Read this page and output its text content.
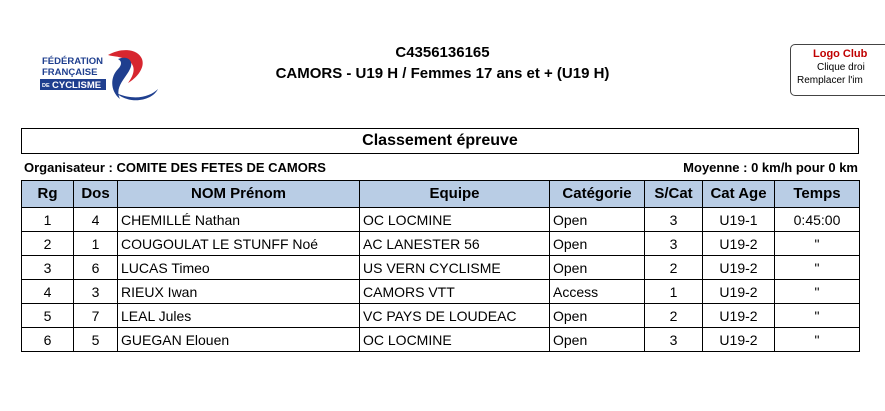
FÉDÉRATION
FRANÇAISE
DE CYCLISME
C4356136165
CAMORS - U19 H / Femmes 17 ans et + (U19 H)
Logo Club
Clique droi
Remplacer l'im
Classement épreuve
Organisateur : COMITE DES FETES DE CAMORS	Moyenne : 0 km/h pour 0 km
Rg	Dos	NOM Prénom	Equipe	Catégorie	S/Cat	Cat Age	Temps
1	4	CHEMILLÉ Nathan	OC LOCMINE	Open	3	U19-1	0:45:00
2	1	COUGOULAT LE STUNFF Noé	AC LANESTER 56	Open	3	U19-2	"
3	6	LUCAS Timeo	US VERN CYCLISME	Open	2	U19-2	"
4	3	RIEUX Iwan	CAMORS VTT	Access	1	U19-2	"
5	7	LEAL Jules	VC PAYS DE LOUDEAC	Open	2	U19-2	"
6	5	GUEGAN Elouen	OC LOCMINE	Open	3	U19-2	"
